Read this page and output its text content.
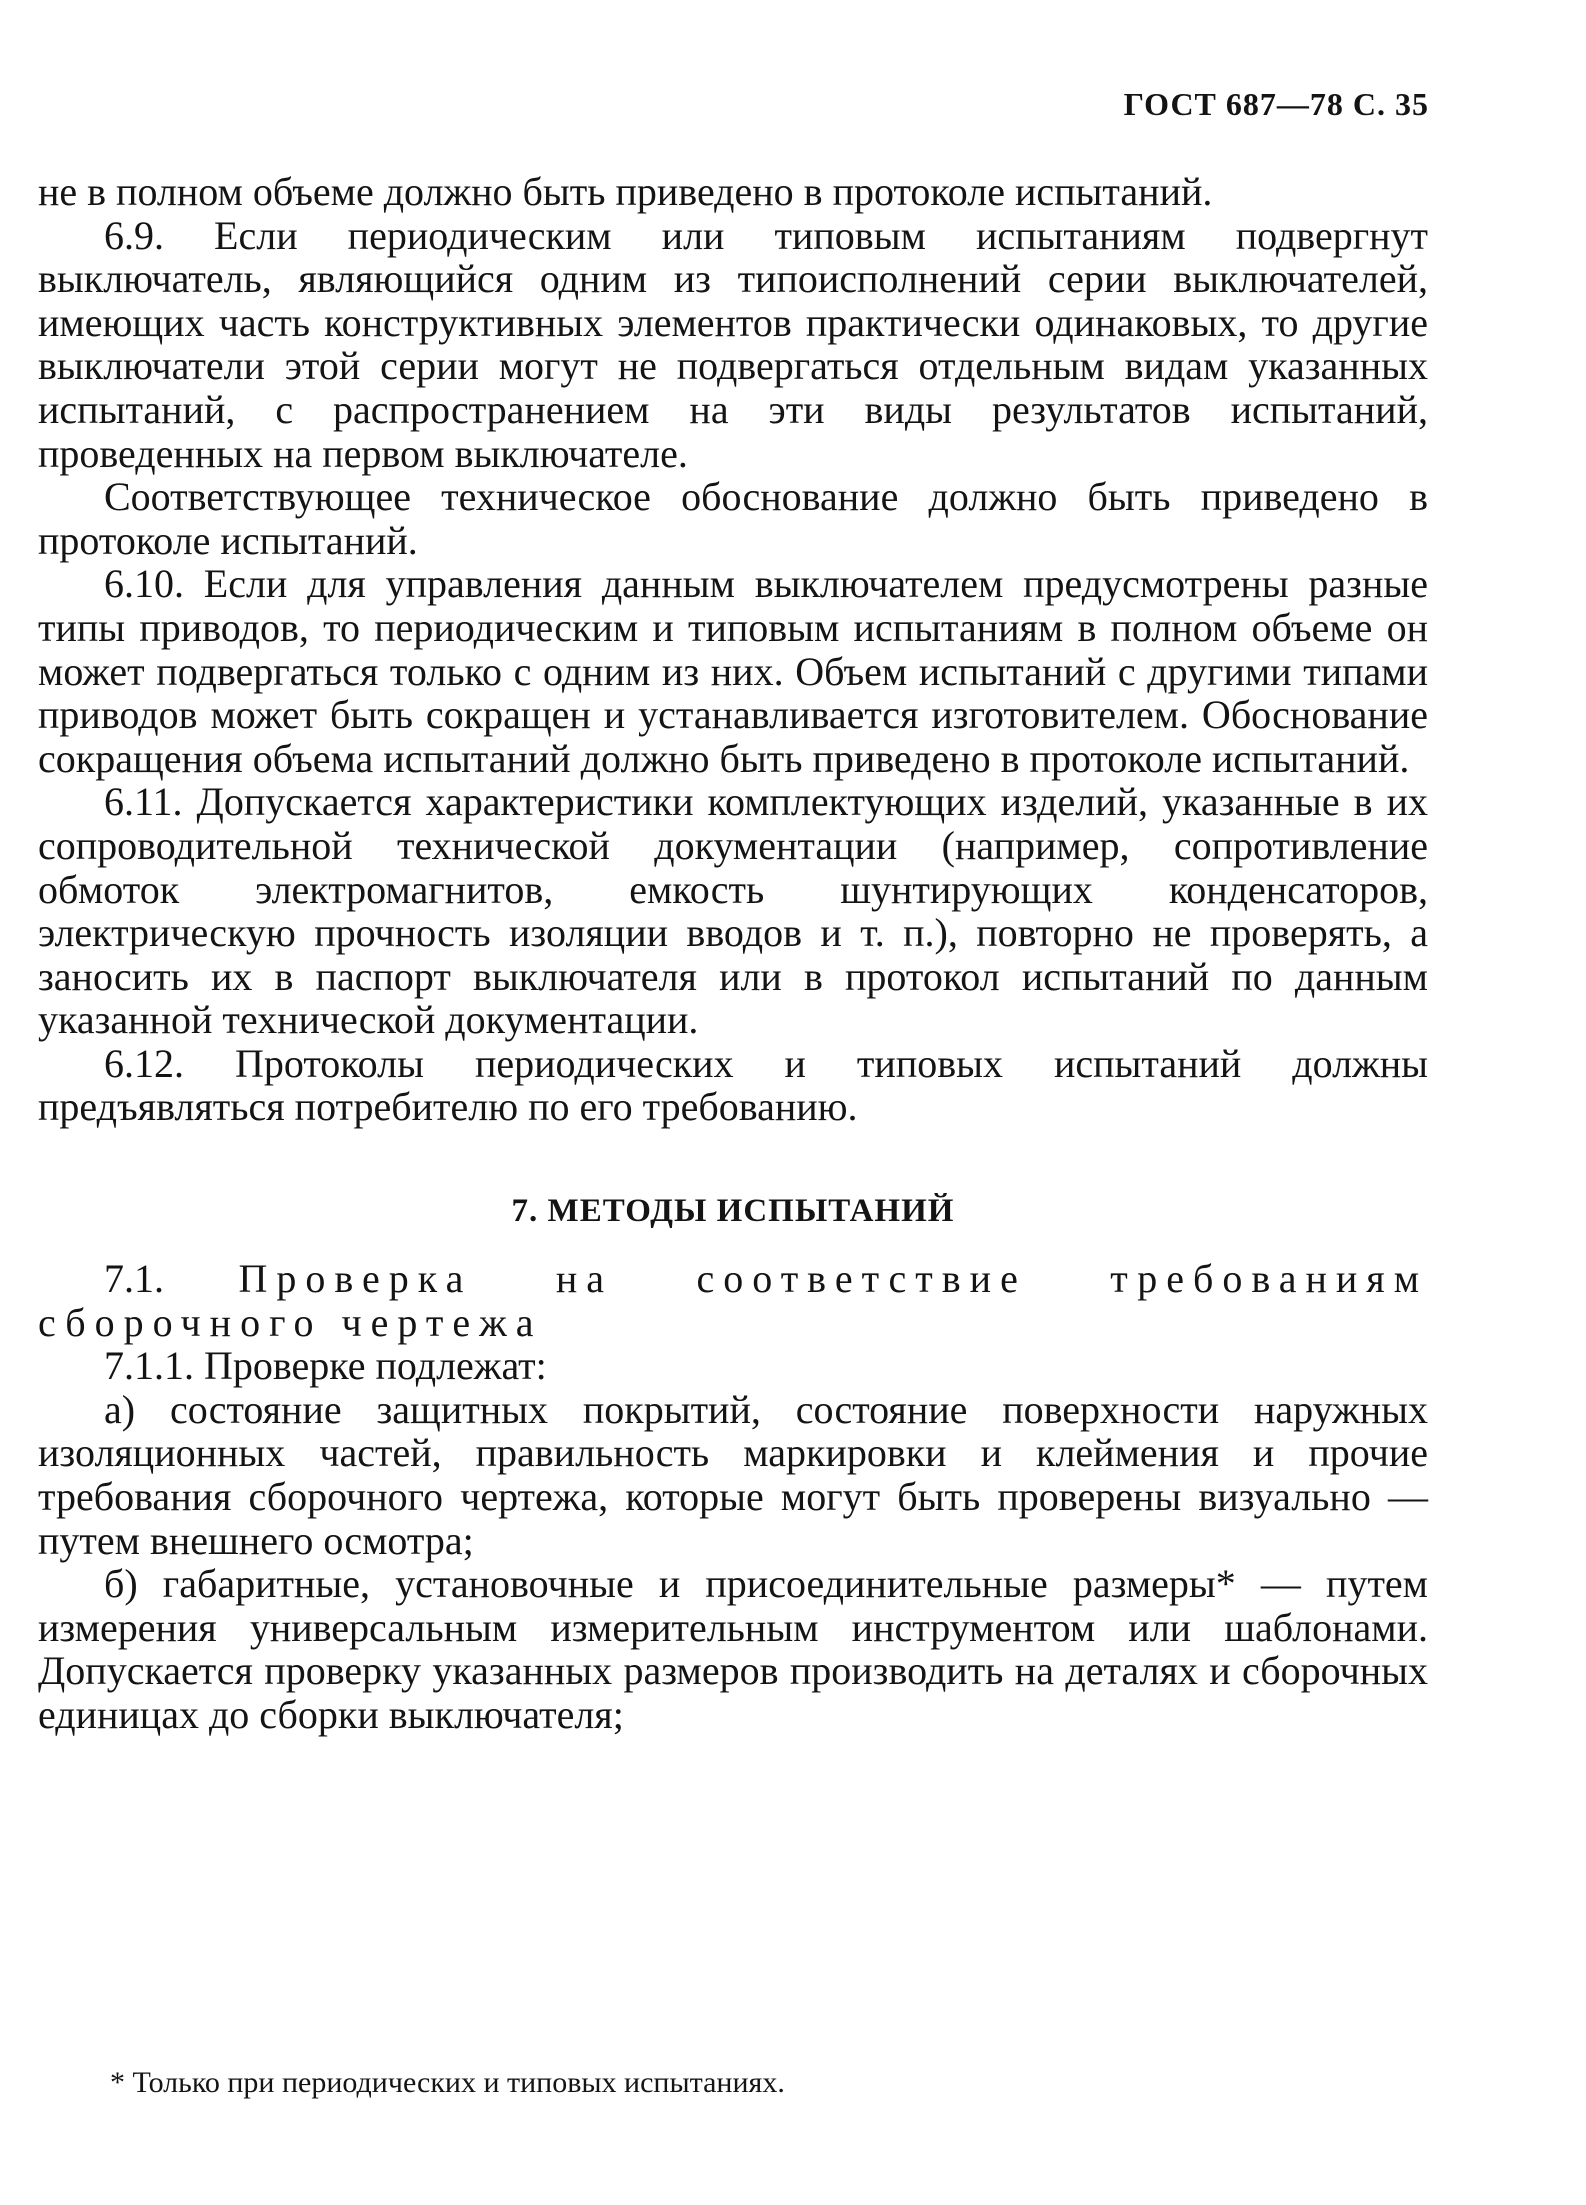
ГОСТ 687—78 С. 35

не в полном объеме должно быть приведено в протоколе испытаний.

6.9. Если периодическим или типовым испытаниям подвергнут выключатель, являющийся одним из типоисполнений серии выключателей, имеющих часть конструктивных элементов практически одинаковых, то другие выключатели этой серии могут не подвергаться отдельным видам указанных испытаний, с распространением на эти виды результатов испытаний, проведенных на первом выключателе.

Соответствующее техническое обоснование должно быть приведено в протоколе испытаний.

6.10. Если для управления данным выключателем предусмотрены разные типы приводов, то периодическим и типовым испытаниям в полном объеме он может подвергаться только с одним из них. Объем испытаний с другими типами приводов может быть сокращен и устанавливается изготовителем. Обоснование сокращения объема испытаний должно быть приведено в протоколе испытаний.

6.11. Допускается характеристики комплектующих изделий, указанные в их сопроводительной технической документации (например, сопротивление обмоток электромагнитов, емкость шунтирующих конденсаторов, электрическую прочность изоляции вводов и т. п.), повторно не проверять, а заносить их в паспорт выключателя или в протокол испытаний по данным указанной технической документации.

6.12. Протоколы периодических и типовых испытаний должны предъявляться потребителю по его требованию.

7. МЕТОДЫ ИСПЫТАНИЙ

7.1. Проверка на соответствие требованиям сборочного чертежа

7.1.1. Проверке подлежат:

а) состояние защитных покрытий, состояние поверхности наружных изоляционных частей, правильность маркировки и клеймения и прочие требования сборочного чертежа, которые могут быть проверены визуально — путем внешнего осмотра;

б) габаритные, установочные и присоединительные размеры* — путем измерения универсальным измерительным инструментом или шаблонами. Допускается проверку указанных размеров производить на деталях и сборочных единицах до сборки выключателя;

* Только при периодических и типовых испытаниях.
